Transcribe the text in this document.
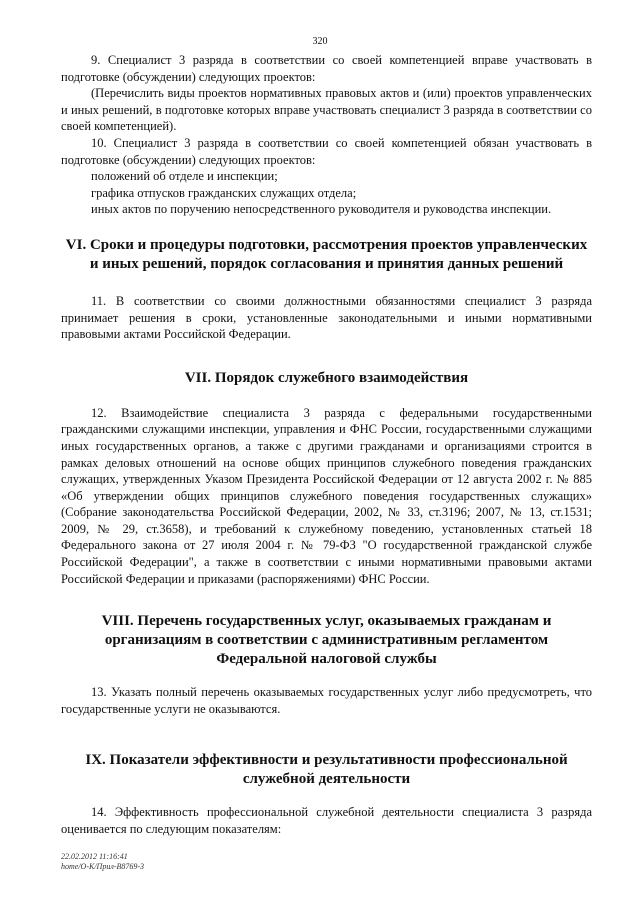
320

9. Специалист 3 разряда в соответствии со своей компетенцией вправе участвовать в подготовке (обсуждении) следующих проектов:

(Перечислить виды проектов нормативных правовых актов и (или) проектов управленческих и иных решений, в подготовке которых вправе участвовать специалист 3 разряда в соответствии со своей компетенцией).

10. Специалист 3 разряда в соответствии со своей компетенцией обязан участвовать в подготовке (обсуждении) следующих проектов:

положений об отделе и инспекции;

графика отпусков гражданских служащих отдела;

иных актов по поручению непосредственного руководителя и руководства инспекции.

VI. Сроки и процедуры подготовки, рассмотрения проектов управленческих и иных решений, порядок согласования и принятия данных решений

11. В соответствии со своими должностными обязанностями специалист 3 разряда принимает решения в сроки, установленные законодательными и иными нормативными правовыми актами Российской Федерации.

VII. Порядок служебного взаимодействия

12. Взаимодействие специалиста 3 разряда с федеральными государственными гражданскими служащими инспекции, управления и ФНС России, государственными служащими иных государственных органов, а также с другими гражданами и организациями строится в рамках деловых отношений на основе общих принципов служебного поведения гражданских служащих, утвержденных Указом Президента Российской Федерации от 12 августа 2002 г. № 885 «Об утверждении общих принципов служебного поведения государственных служащих» (Собрание законодательства Российской Федерации, 2002, № 33, ст.3196; 2007, № 13, ст.1531; 2009, № 29, ст.3658), и требований к служебному поведению, установленных статьей 18 Федерального закона от 27 июля 2004 г. № 79-ФЗ "О государственной гражданской службе Российской Федерации", а также в соответствии с иными нормативными правовыми актами Российской Федерации и приказами (распоряжениями) ФНС России.

VIII. Перечень государственных услуг, оказываемых гражданам и организациям в соответствии с административным регламентом Федеральной налоговой службы

13. Указать полный перечень оказываемых государственных услуг либо предусмотреть, что государственные услуги не оказываются.

IX. Показатели эффективности и результативности профессиональной служебной деятельности

14. Эффективность профессиональной служебной деятельности специалиста 3 разряда оценивается по следующим показателям:

22.02.2012 11:16:41
home/O-K/Прил-В8769-3
